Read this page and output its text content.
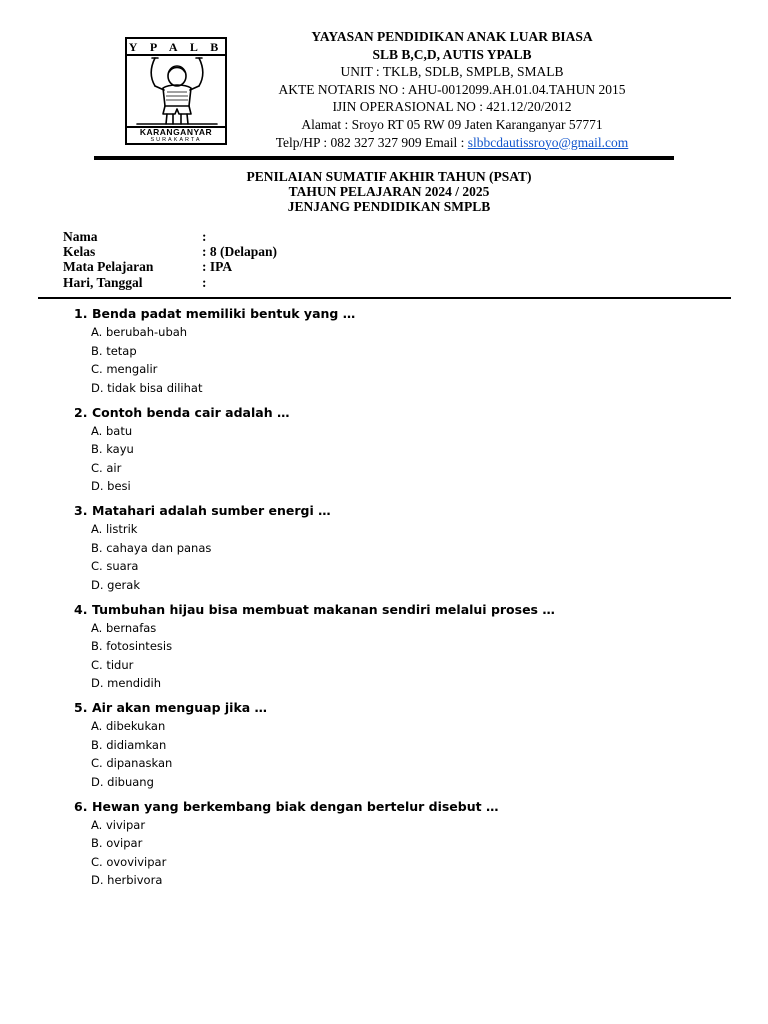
Y P A L B
KARANGANYAR
SURAKARTA
YAYASAN PENDIDIKAN ANAK LUAR BIASA
SLB B,C,D, AUTIS YPALB
UNIT : TKLB, SDLB, SMPLB, SMALB
AKTE NOTARIS NO : AHU-0012099.AH.01.04.TAHUN 2015
IJIN OPERASIONAL NO : 421.12/20/2012
Alamat : Sroyo RT 05 RW 09 Jaten Karanganyar 57771
Telp/HP : 082 327 327 909 Email : slbbcdautissroyo@gmail.com
PENILAIAN SUMATIF AKHIR TAHUN (PSAT)
TAHUN PELAJARAN 2024 / 2025
JENJANG PENDIDIKAN SMPLB
Nama	:
Kelas	: 8 (Delapan)
Mata Pelajaran	: IPA
Hari, Tanggal	:
1. Benda padat memiliki bentuk yang …
A. berubah-ubah
B. tetap
C. mengalir
D. tidak bisa dilihat
2. Contoh benda cair adalah …
A. batu
B. kayu
C. air
D. besi
3. Matahari adalah sumber energi …
A. listrik
B. cahaya dan panas
C. suara
D. gerak
4. Tumbuhan hijau bisa membuat makanan sendiri melalui proses …
A. bernafas
B. fotosintesis
C. tidur
D. mendidih
5. Air akan menguap jika …
A. dibekukan
B. didiamkan
C. dipanaskan
D. dibuang
6. Hewan yang berkembang biak dengan bertelur disebut …
A. vivipar
B. ovipar
C. ovovivipar
D. herbivora
